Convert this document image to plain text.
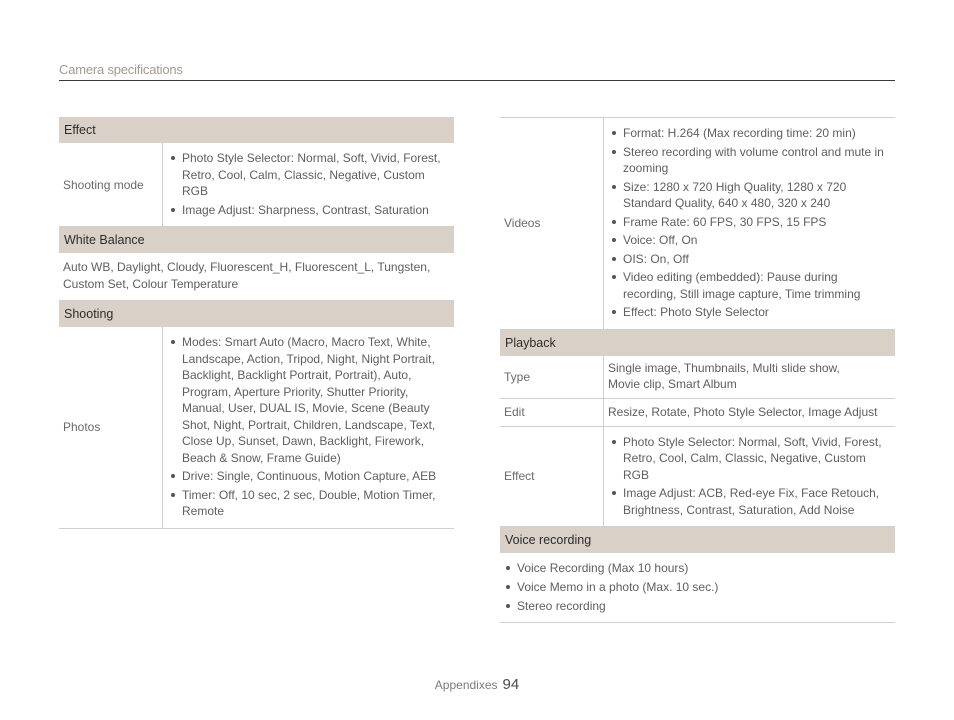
Camera specifications
Effect
Shooting mode
Photo Style Selector: Normal, Soft, Vivid, Forest, Retro, Cool, Calm, Classic, Negative, Custom RGB
Image Adjust: Sharpness, Contrast, Saturation
White Balance
Auto WB, Daylight, Cloudy, Fluorescent_H, Fluorescent_L, Tungsten, Custom Set, Colour Temperature
Shooting
Photos
Modes: Smart Auto (Macro, Macro Text, White, Landscape, Action, Tripod, Night, Night Portrait, Backlight, Backlight Portrait, Portrait), Auto, Program, Aperture Priority, Shutter Priority, Manual, User, DUAL IS, Movie, Scene (Beauty Shot, Night, Portrait, Children, Landscape, Text, Close Up, Sunset, Dawn, Backlight, Firework, Beach & Snow, Frame Guide)
Drive: Single, Continuous, Motion Capture, AEB
Timer: Off, 10 sec, 2 sec, Double, Motion Timer, Remote
Videos
Format: H.264 (Max recording time: 20 min)
Stereo recording with volume control and mute in zooming
Size: 1280 x 720 High Quality, 1280 x 720 Standard Quality, 640 x 480, 320 x 240
Frame Rate: 60 FPS, 30 FPS, 15 FPS
Voice: Off, On
OIS: On, Off
Video editing (embedded): Pause during recording, Still image capture, Time trimming
Effect: Photo Style Selector
Playback
Type
Single image, Thumbnails, Multi slide show,
Movie clip, Smart Album
Edit	Resize, Rotate, Photo Style Selector, Image Adjust
Effect
Photo Style Selector: Normal, Soft, Vivid, Forest, Retro, Cool, Calm, Classic, Negative, Custom RGB
Image Adjust: ACB, Red-eye Fix, Face Retouch, Brightness, Contrast, Saturation, Add Noise
Voice recording
Voice Recording (Max 10 hours)
Voice Memo in a photo (Max. 10 sec.)
Stereo recording
Appendixes 94
